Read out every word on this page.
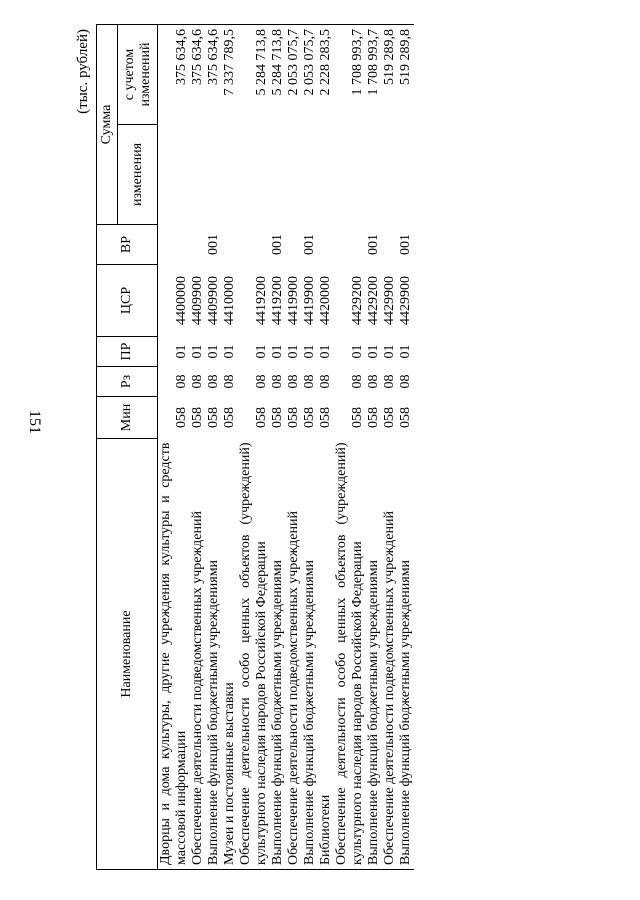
151
(тыс. рублей)
Наименование	Мин	Рз	ПР	ЦСР	ВР	Сумма	
						изменения	с учетом изменений
Дворцы и дома культуры, другие учреждения культуры и средств массовой информации	058	08	01	4400000			375 634,6
Обеспечение деятельности подведомственных учреждений	058	08	01	4409900			375 634,6
Выполнение функций бюджетными учреждениями	058	08	01	4409900	001		375 634,6
Музеи и постоянные выставки	058	08	01	4410000			7 337 789,5
Обеспечение деятельности особо ценных объектов (учреждений) культурного наследия народов Российской Федерации	058	08	01	4419200			5 284 713,8
Выполнение функций бюджетными учреждениями	058	08	01	4419200	001		5 284 713,8
Обеспечение деятельности подведомственных учреждений	058	08	01	4419900			2 053 075,7
Выполнение функций бюджетными учреждениями	058	08	01	4419900	001		2 053 075,7
Библиотеки	058	08	01	4420000			2 228 283,5
Обеспечение деятельности особо ценных объектов (учреждений) культурного наследия народов Российской Федерации	058	08	01	4429200			1 708 993,7
Выполнение функций бюджетными учреждениями	058	08	01	4429200	001		1 708 993,7
Обеспечение деятельности подведомственных учреждений	058	08	01	4429900			519 289,8
Выполнение функций бюджетными учреждениями	058	08	01	4429900	001		519 289,8
